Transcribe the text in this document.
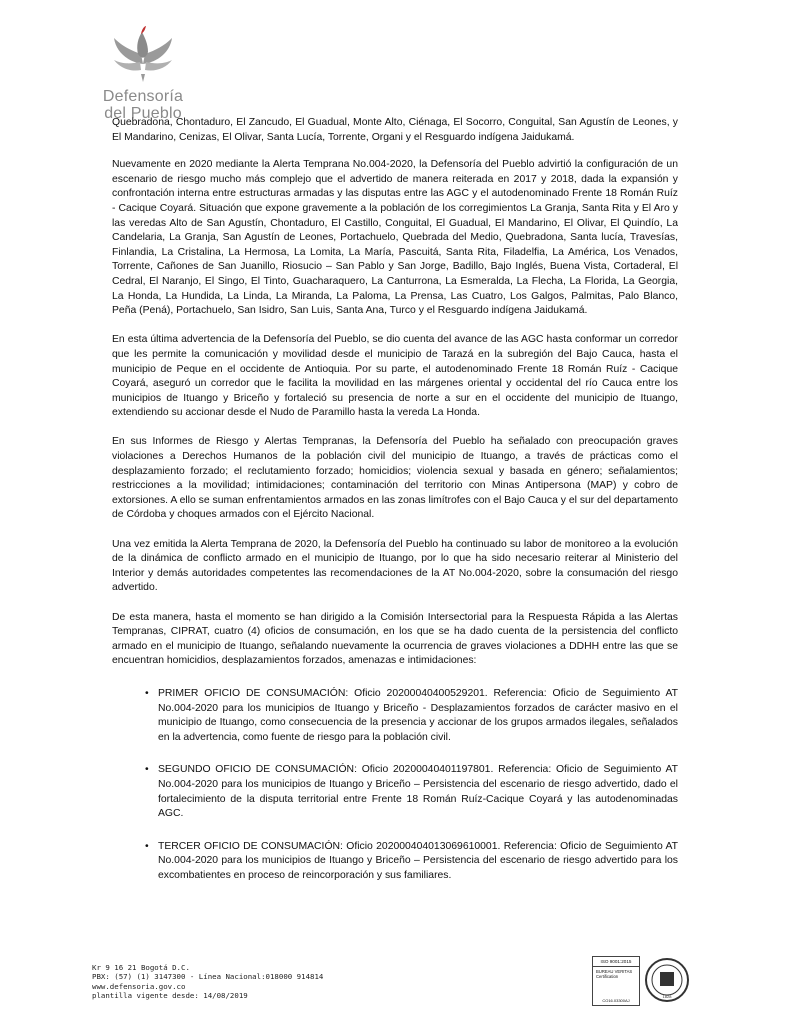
Defensoría
del Pueblo

Quebradona, Chontaduro, El Zancudo, El Guadual, Monte Alto, Ciénaga, El Socorro, Conguital, San Agustín de Leones, y El Mandarino, Cenizas, El Olivar, Santa Lucía, Torrente, Organi y el Resguardo indígena Jaidukamá.

Nuevamente en 2020 mediante la Alerta Temprana No.004-2020, la Defensoría del Pueblo advirtió la configuración de un escenario de riesgo mucho más complejo que el advertido de manera reiterada en 2017 y 2018, dada la expansión y confrontación interna entre estructuras armadas y las disputas entre las AGC y el autodenominado Frente 18 Román Ruíz - Cacique Coyará. Situación que expone gravemente a la población de los corregimientos La Granja, Santa Rita y El Aro y las veredas Alto de San Agustín, Chontaduro, El Castillo, Conguital, El Guadual, El Mandarino, El Olivar, El Quindío, La Candelaria, La Granja, San Agustín de Leones, Portachuelo, Quebrada del Medio, Quebradona, Santa lucía, Travesías, Finlandia, La Cristalina, La Hermosa, La Lomita, La María, Pascuitá, Santa Rita, Filadelfia, La América, Los Venados, Torrente, Cañones de San Juanillo, Riosucio – San Pablo y San Jorge, Badillo, Bajo Inglés, Buena Vista, Cortaderal, El Cedral, El Naranjo, El Singo, El Tinto, Guacharaquero, La Canturrona, La Esmeralda, La Flecha, La Florida, La Georgia, La Honda, La Hundida, La Linda, La Miranda, La Paloma, La Prensa, Las Cuatro, Los Galgos, Palmitas, Palo Blanco, Peña (Pená), Portachuelo, San Isidro, San Luis, Santa Ana, Turco y el Resguardo indígena Jaidukamá.

En esta última advertencia de la Defensoría del Pueblo, se dio cuenta del avance de las AGC hasta conformar un corredor que les permite la comunicación y movilidad desde el municipio de Tarazá en la subregión del Bajo Cauca, hasta el municipio de Peque en el occidente de Antioquia. Por su parte, el autodenominado Frente 18 Román Ruíz - Cacique Coyará, aseguró un corredor que le facilita la movilidad en las márgenes oriental y occidental del río Cauca entre los municipios de Ituango y Briceño y fortaleció su presencia de norte a sur en el occidente del municipio de Ituango, extendiendo su accionar desde el Nudo de Paramillo hasta la vereda La Honda.

En sus Informes de Riesgo y Alertas Tempranas, la Defensoría del Pueblo ha señalado con preocupación graves violaciones a Derechos Humanos de la población civil del municipio de Ituango, a través de prácticas como el desplazamiento forzado; el reclutamiento forzado; homicidios; violencia sexual y basada en género; señalamientos; restricciones a la movilidad; intimidaciones; contaminación del territorio con Minas Antipersona (MAP) y cobro de extorsiones. A ello se suman enfrentamientos armados en las zonas limítrofes con el Bajo Cauca y el sur del departamento de Córdoba y choques armados con el Ejército Nacional.

Una vez emitida la Alerta Temprana de 2020, la Defensoría del Pueblo ha continuado su labor de monitoreo a la evolución de la dinámica de conflicto armado en el municipio de Ituango, por lo que ha sido necesario reiterar al Ministerio del Interior y demás autoridades competentes las recomendaciones de la AT No.004-2020, sobre la consumación del riesgo advertido.

De esta manera, hasta el momento se han dirigido a la Comisión Intersectorial para la Respuesta Rápida a las Alertas Tempranas, CIPRAT, cuatro (4) oficios de consumación, en los que se ha dado cuenta de la persistencia del conflicto armado en el municipio de Ituango, señalando nuevamente la ocurrencia de graves violaciones a DDHH entre las que se encuentran homicidios, desplazamientos forzados, amenazas e intimidaciones:

• PRIMER OFICIO DE CONSUMACIÓN: Oficio 20200040400529201. Referencia: Oficio de Seguimiento AT No.004-2020 para los municipios de Ituango y Briceño - Desplazamientos forzados de carácter masivo en el municipio de Ituango, como consecuencia de la presencia y accionar de los grupos armados ilegales, señalados en la advertencia, como fuente de riesgo para la población civil.
• SEGUNDO OFICIO DE CONSUMACIÓN: Oficio 20200040401197801. Referencia: Oficio de Seguimiento AT No.004-2020 para los municipios de Ituango y Briceño – Persistencia del escenario de riesgo advertido, dado el fortalecimiento de la disputa territorial entre Frente 18 Román Ruíz-Cacique Coyará y las autodenominadas AGC.
• TERCER OFICIO DE CONSUMACIÓN: Oficio 202000404013069610001. Referencia: Oficio de Seguimiento AT No.004-2020 para los municipios de Ituango y Briceño – Persistencia del escenario de riesgo advertido para los excombatientes en proceso de reincorporación y sus familiares.
Kr 9 16 21 Bogotá D.C.
PBX: (57) (1) 3147300 - Línea Nacional:018000 914814
www.defensoria.gov.co
plantilla vigente desde: 14/08/2019
ISO 9001:2015
BUREAU VERITAS
Certification
CO16.03300AJ
1828
